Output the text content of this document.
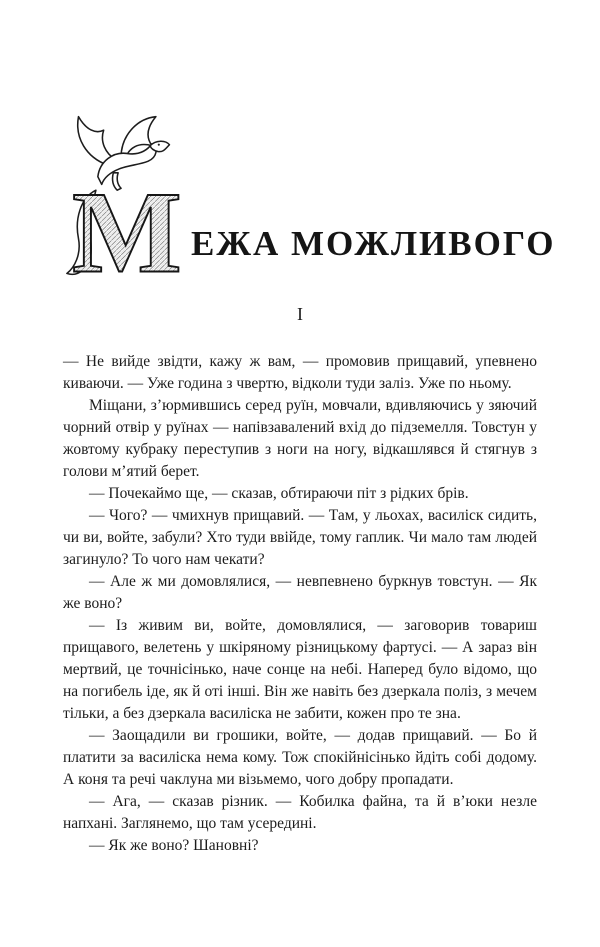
М ЕЖА МОЖЛИВОГО
І

— Не вийде звідти, кажу ж вам, — промовив прищавий, упевнено киваючи. — Уже година з чвертю, відколи туди заліз. Уже по ньому.

Міщани, з’юрмившись серед руїн, мовчали, вдивляючись у зяючий чорний отвір у руїнах — напівзавалений вхід до підземелля. Товстун у жовтому кубраку переступив з ноги на ногу, відкашлявся й стягнув з голови м’ятий берет.

— Почекаймо ще, — сказав, обтираючи піт з рідких брів.

— Чого? — чмихнув прищавий. — Там, у льохах, василіск сидить, чи ви, войте, забули? Хто туди ввійде, тому гаплик. Чи мало там людей загинуло? То чого нам чекати?

— Але ж ми домовлялися, — невпевнено буркнув товстун. — Як же воно?

— Із живим ви, войте, домовлялися, — заговорив товариш прищавого, велетень у шкіряному різницькому фартусі. — А зараз він мертвий, це точнісінько, наче сонце на небі. Наперед було відомо, що на погибель іде, як й оті інші. Він же навіть без дзеркала поліз, з мечем тільки, а без дзеркала василіска не забити, кожен про те зна.

— Заощадили ви грошики, войте, — додав прищавий. — Бо й платити за василіска нема кому. Тож спокійнісінько йдіть собі додому. А коня та речі чаклуна ми візьмемо, чого добру пропадати.

— Ага, — сказав різник. — Кобилка файна, та й в’юки незле напхані. Заглянемо, що там усередині.

— Як же воно? Шановні?
